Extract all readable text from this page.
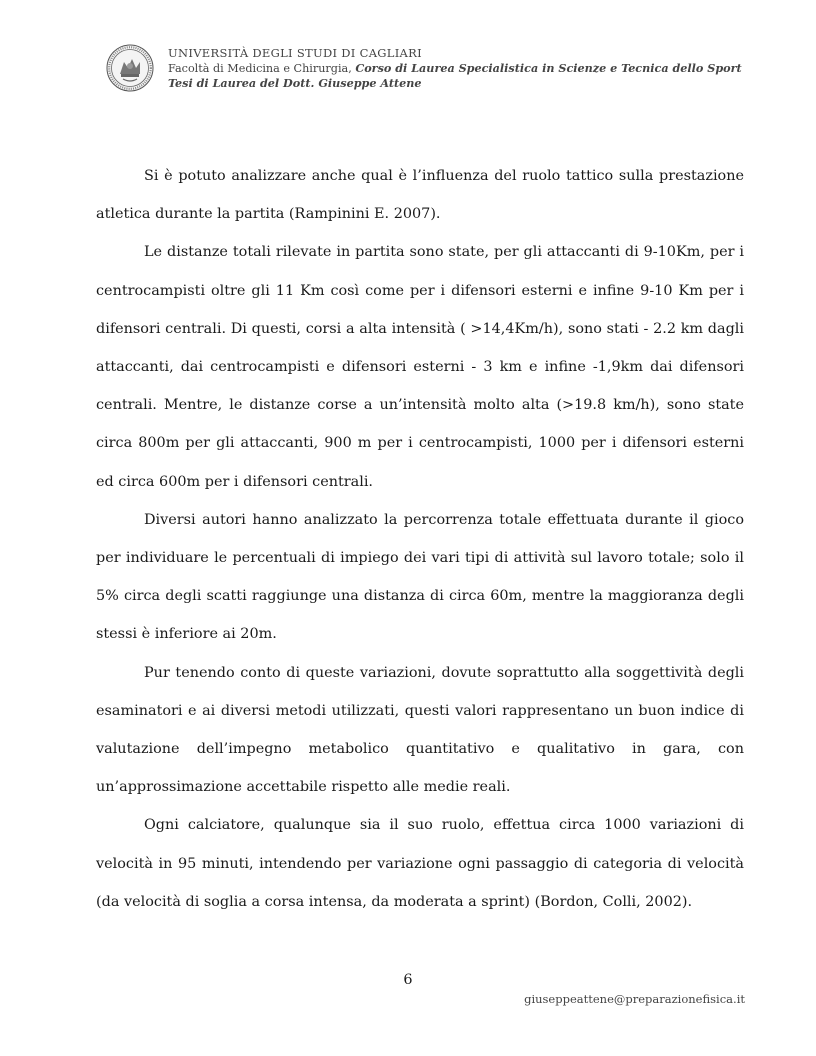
UNIVERSITÀ DEGLI STUDI DI CAGLIARI
Facoltà di Medicina e Chirurgia, Corso di Laurea Specialistica in Scienze e Tecnica dello Sport
Tesi di Laurea del Dott. Giuseppe Attene

Si è potuto analizzare anche qual è l’influenza del ruolo tattico sulla prestazione atletica durante la partita (Rampinini E. 2007).

Le distanze totali rilevate in partita sono state, per gli attaccanti di 9-10Km, per i centrocampisti oltre gli 11 Km così come per i difensori esterni e infine 9-10 Km per i difensori centrali. Di questi, corsi a alta intensità ( >14,4Km/h), sono stati - 2.2 km dagli attaccanti, dai centrocampisti e difensori esterni - 3 km e infine -1,9km dai difensori centrali. Mentre, le distanze corse a un’intensità molto alta (>19.8 km/h), sono state circa 800m per gli attaccanti, 900 m per i centrocampisti, 1000 per i difensori esterni ed circa 600m per i difensori centrali.

Diversi autori hanno analizzato la percorrenza totale effettuata durante il gioco per individuare le percentuali di impiego dei vari tipi di attività sul lavoro totale; solo il 5% circa degli scatti raggiunge una distanza di circa 60m, mentre la maggioranza degli stessi è inferiore ai 20m.

Pur tenendo conto di queste variazioni, dovute soprattutto alla soggettività degli esaminatori e ai diversi metodi utilizzati, questi valori rappresentano un buon indice di valutazione dell’impegno metabolico quantitativo e qualitativo in gara, con un’approssimazione accettabile rispetto alle medie reali.

Ogni calciatore, qualunque sia il suo ruolo, effettua circa 1000 variazioni di velocità in 95 minuti, intendendo per variazione ogni passaggio di categoria di velocità (da velocità di soglia a corsa intensa, da moderata a sprint) (Bordon, Colli, 2002).

6
giuseppeattene@preparazionefisica.it
